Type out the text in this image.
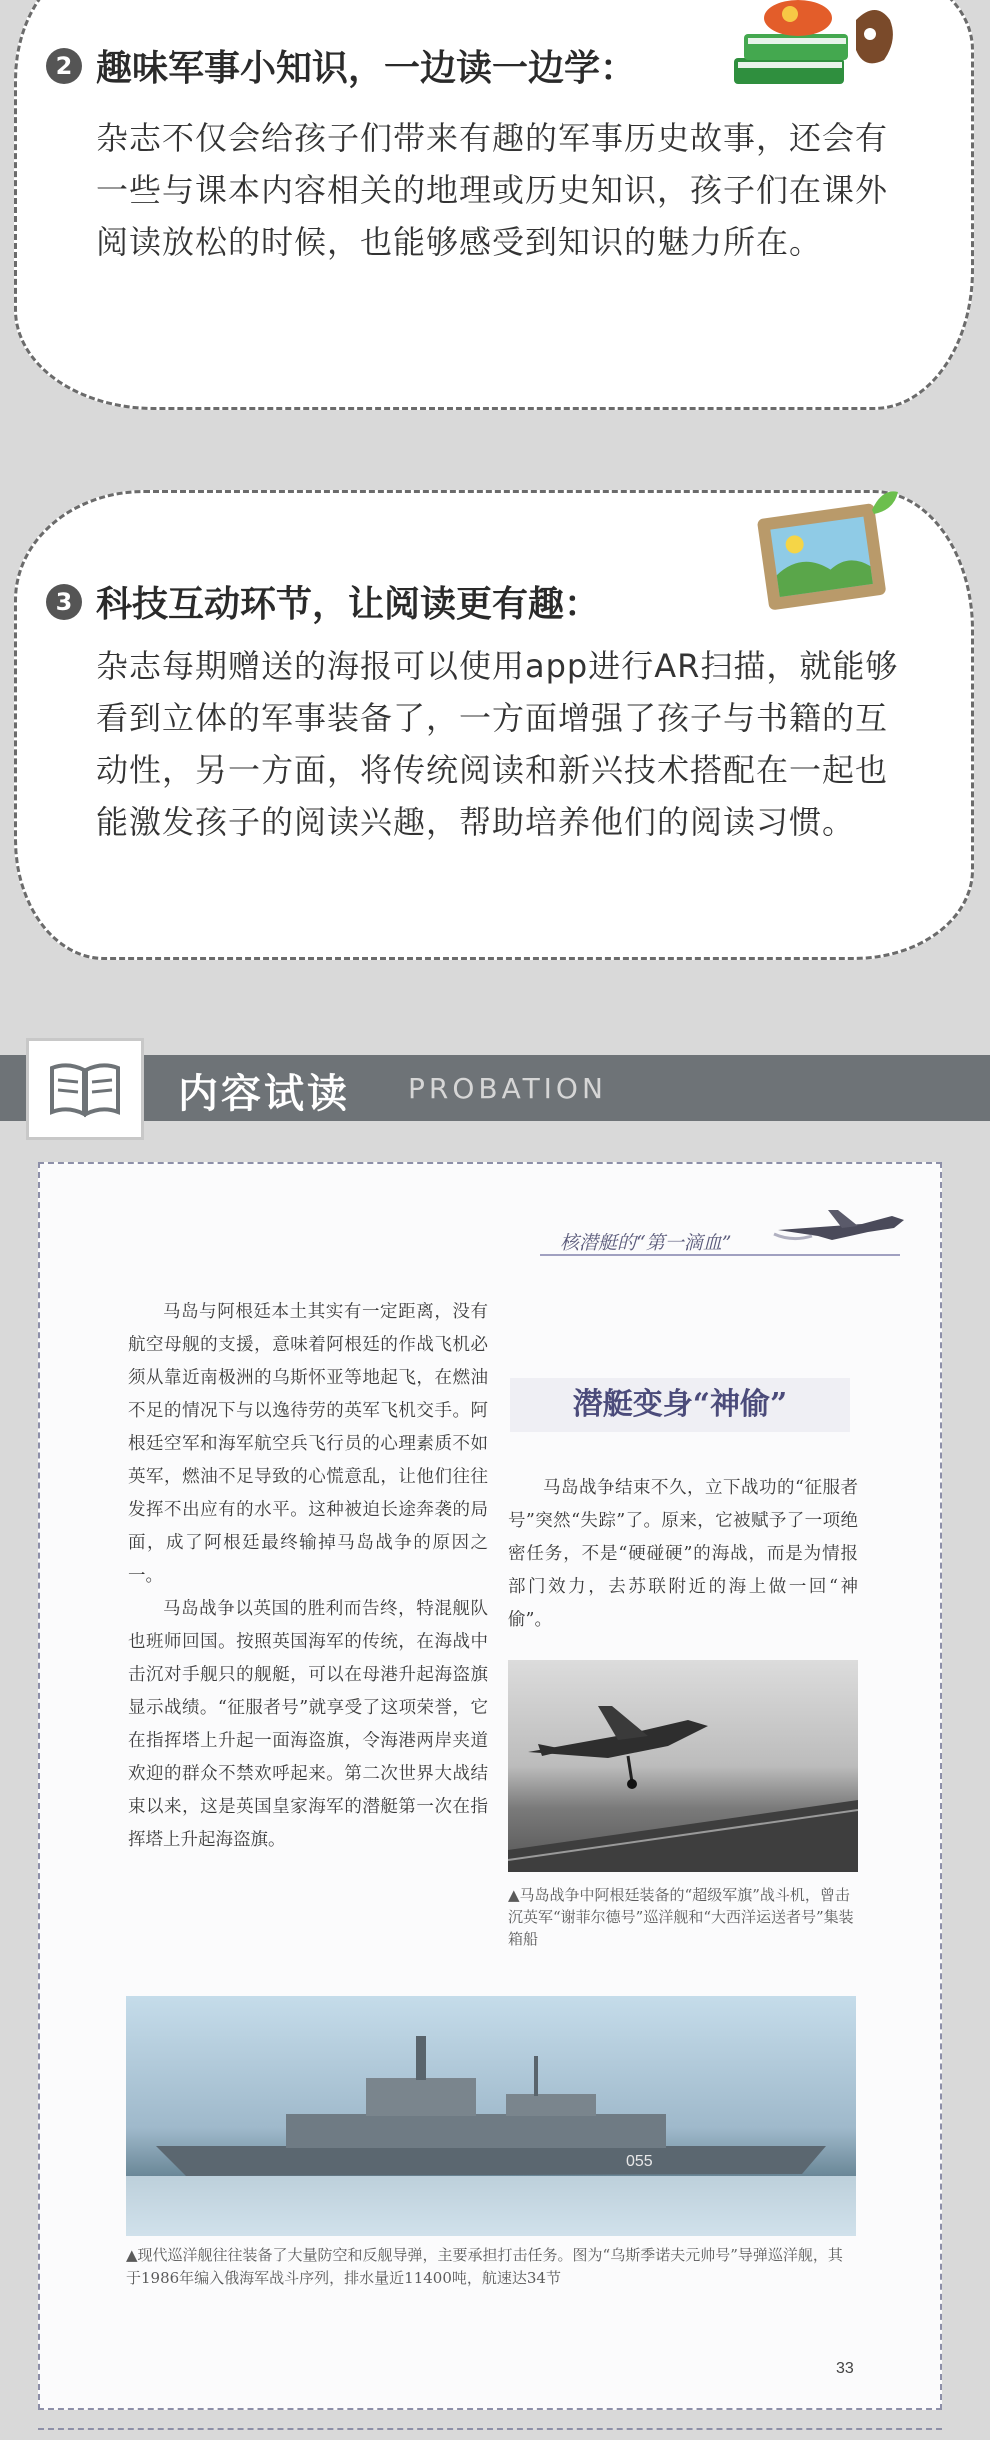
2 趣味军事小知识，一边读一边学：
杂志不仅会给孩子们带来有趣的军事历史故事，还会有一些与课本内容相关的地理或历史知识，孩子们在课外阅读放松的时候，也能够感受到知识的魅力所在。
3 科技互动环节，让阅读更有趣：
杂志每期赠送的海报可以使用app进行AR扫描，就能够看到立体的军事装备了，一方面增强了孩子与书籍的互动性，另一方面，将传统阅读和新兴技术搭配在一起也能激发孩子的阅读兴趣，帮助培养他们的阅读习惯。
内容试读 PROBATION
核潜艇的“第一滴血”

马岛与阿根廷本土其实有一定距离，没有航空母舰的支援，意味着阿根廷的作战飞机必须从靠近南极洲的乌斯怀亚等地起飞，在燃油不足的情况下与以逸待劳的英军飞机交手。阿根廷空军和海军航空兵飞行员的心理素质不如英军，燃油不足导致的心慌意乱，让他们往往发挥不出应有的水平。这种被迫长途奔袭的局面，成了阿根廷最终输掉马岛战争的原因之一。

马岛战争以英国的胜利而告终，特混舰队也班师回国。按照英国海军的传统，在海战中击沉对手舰只的舰艇，可以在母港升起海盗旗显示战绩。“征服者号”就享受了这项荣誉，它在指挥塔上升起一面海盗旗，令海港两岸夹道欢迎的群众不禁欢呼起来。第二次世界大战结束以来，这是英国皇家海军的潜艇第一次在指挥塔上升起海盗旗。

潜艇变身“神偷”
马岛战争结束不久，立下战功的“征服者号”突然“失踪”了。原来，它被赋予了一项绝密任务，不是“硬碰硬”的海战，而是为情报部门效力，去苏联附近的海上做一回“神偷”。
▲马岛战争中阿根廷装备的“超级军旗”战斗机，曾击沉英军“谢菲尔德号”巡洋舰和“大西洋运送者号”集装箱船
055
▲现代巡洋舰往往装备了大量防空和反舰导弹，主要承担打击任务。图为“乌斯季诺夫元帅号”导弹巡洋舰，其于1986年编入俄海军战斗序列，排水量近11400吨，航速达34节
33
